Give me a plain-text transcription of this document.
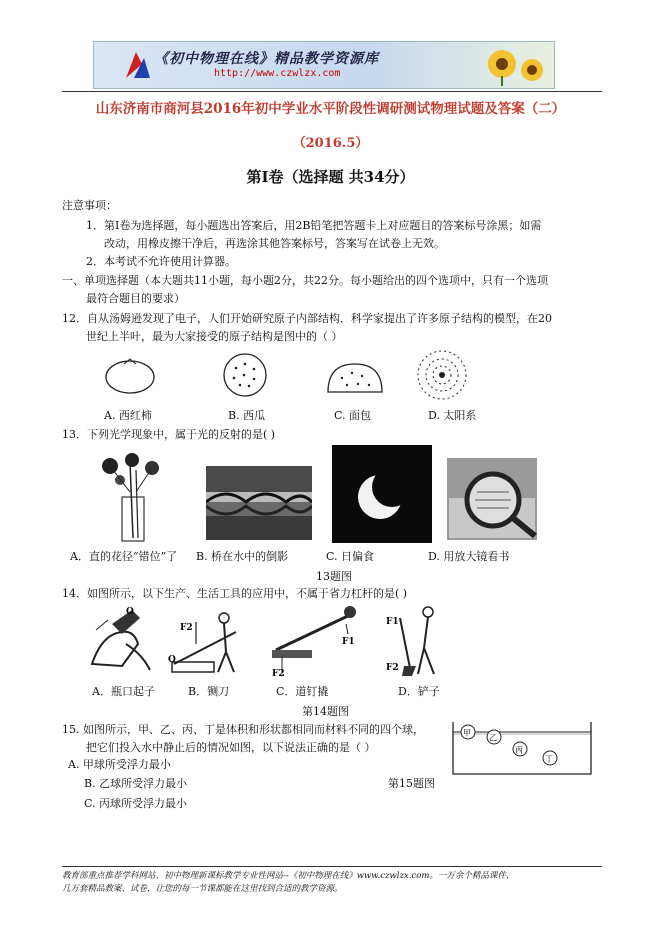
《初中物理在线》精品教学资源库
http://www.czwlzx.com
山东济南市商河县2016年初中学业水平阶段性调研测试物理试题及答案（二）
（2016.5）
第Ⅰ卷（选择题 共34分）
注意事项：
1．第Ⅰ卷为选择题，每小题选出答案后，用2B铅笔把答题卡上对应题目的答案标号涂黑；如需
改动，用橡皮擦干净后，再选涂其他答案标号，答案写在试卷上无效。
2．本考试不允许使用计算器。
一、单项选择题（本大题共11小题，每小题2分，共22分。每小题给出的四个选项中，只有一个选项
最符合题目的要求）
12．自从汤姆逊发现了电子，人们开始研究原子内部结构．科学家提出了许多原子结构的模型，在20
世纪上半叶，最为大家接受的原子结构是图中的（ ）
A. 西红柿	B. 西瓜	C. 面包	D. 太阳系
13．下列光学现象中，属于光的反射的是( )
A．直的花径“错位”了 B. 桥在水中的倒影	C. 日偏食	D. 用放大镜看书
13题图
14．如图所示，以下生产、生活工具的应用中，不属于省力杠杆的是( )
O
F2
O
F1
F2
F1
F2
A．瓶口起子	B．铡刀	C．道钉撬	D．铲子
第14题图
15. 如图所示，甲、乙、丙、丁是体积和形状都相同而材料不同的四个球，
把它们投入水中静止后的情况如图，以下说法正确的是（ ）
甲
乙
丙
丁
A. 甲球所受浮力最小
B. 乙球所受浮力最小	第15题图
C. 丙球所受浮力最小
教育部重点推荐学科网站、初中物理新课标教学专业性网站--《初中物理在线》www.czwlzx.com。一万余个精品课件、
几万套精品教案、试卷，让您的每一节课都能在这里找到合适的教学资源。
